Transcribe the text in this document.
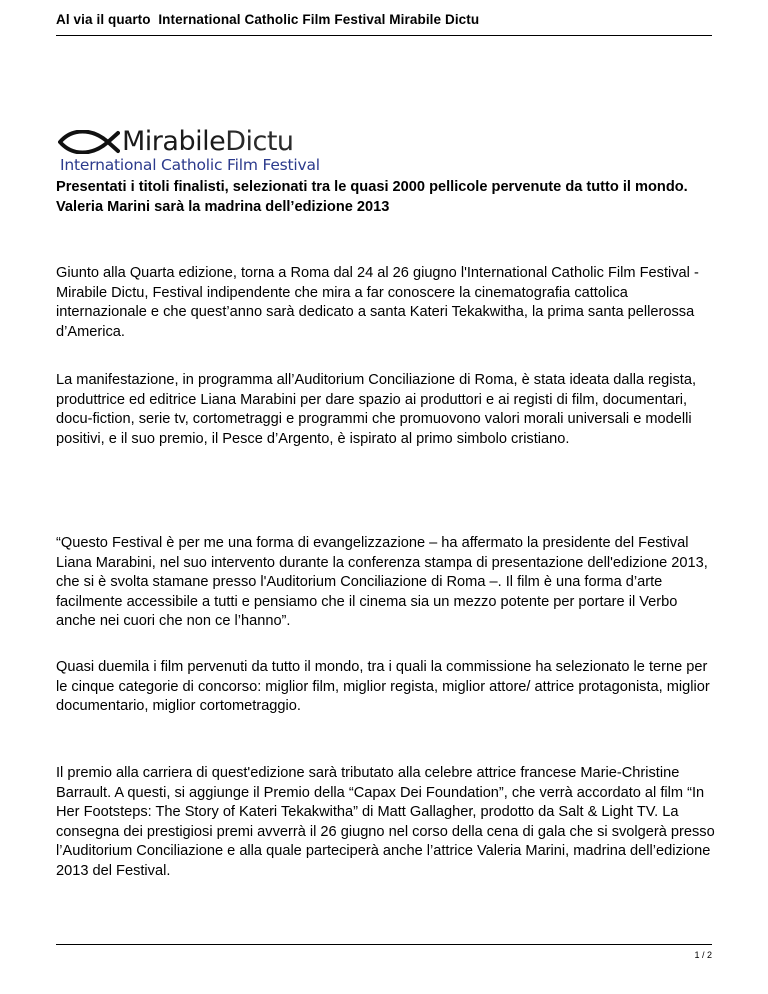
Al via il quarto  International Catholic Film Festival Mirabile Dictu
MirabileDictu
International Catholic Film Festival
Presentati i titoli finalisti, selezionati tra le quasi 2000 pellicole pervenute da tutto il mondo. Valeria Marini sarà la madrina dell’edizione 2013
Giunto alla Quarta edizione, torna a Roma dal 24 al 26 giugno l'International Catholic Film Festival - Mirabile Dictu, Festival indipendente che mira a far conoscere la cinematografia cattolica internazionale e che quest’anno sarà dedicato a santa Kateri Tekakwitha, la prima santa pellerossa d’America.
La manifestazione, in programma all’Auditorium Conciliazione di Roma, è stata ideata dalla regista, produttrice ed editrice Liana Marabini per dare spazio ai produttori e ai registi di film, documentari, docu-fiction, serie tv, cortometraggi e programmi che promuovono valori morali universali e modelli positivi, e il suo premio, il Pesce d’Argento, è ispirato al primo simbolo cristiano.
“Questo Festival è per me una forma di evangelizzazione – ha affermato la presidente del Festival Liana Marabini, nel suo intervento durante la conferenza stampa di presentazione dell'edizione 2013, che si è svolta stamane presso l'Auditorium Conciliazione di Roma –. Il film è una forma d’arte facilmente accessibile a tutti e pensiamo che il cinema sia un mezzo potente per portare il Verbo anche nei cuori che non ce l’hanno”.
Quasi duemila i film pervenuti da tutto il mondo, tra i quali la commissione ha selezionato le terne per le cinque categorie di concorso: miglior film, miglior regista, miglior attore/ attrice protagonista, miglior documentario, miglior cortometraggio.
Il premio alla carriera di quest'edizione sarà tributato alla celebre attrice francese Marie-Christine Barrault. A questi, si aggiunge il Premio della “Capax Dei Foundation”, che verrà accordato al film “In Her Footsteps: The Story of Kateri Tekakwitha” di Matt Gallagher, prodotto da Salt & Light TV. La consegna dei prestigiosi premi avverrà il 26 giugno nel corso della cena di gala che si svolgerà presso l’Auditorium Conciliazione e alla quale parteciperà anche l’attrice Valeria Marini, madrina dell’edizione 2013 del Festival.
1 / 2
